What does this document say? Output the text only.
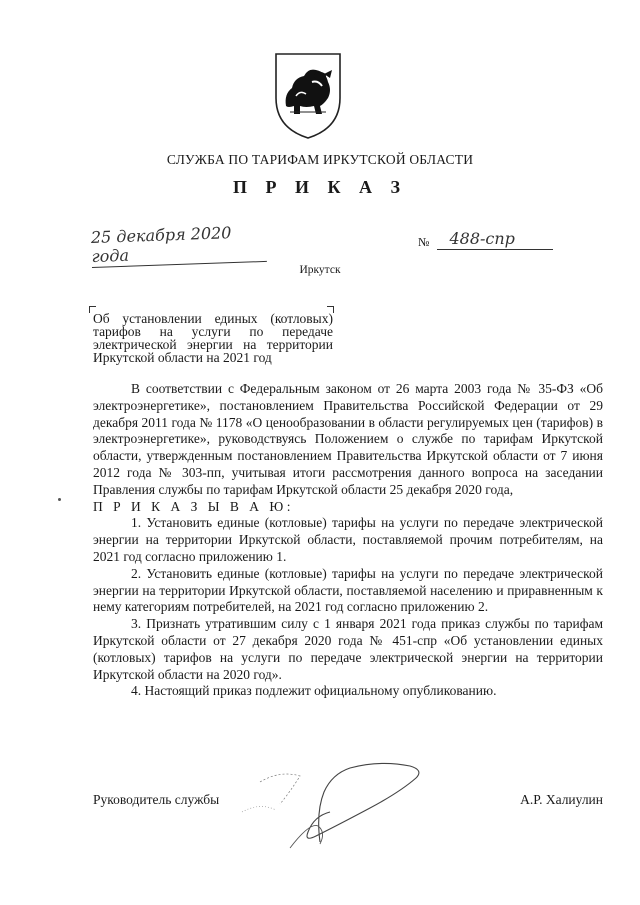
СЛУЖБА ПО ТАРИФАМ ИРКУТСКОЙ ОБЛАСТИ
П Р И К А З
25 декабря 2020 года
№ 488-спр
Иркутск
Об установлении единых (котловых) тарифов на услуги по передаче электрической энергии на территории Иркутской области на 2021 год

В соответствии с Федеральным законом от 26 марта 2003 года № 35-ФЗ «Об электроэнергетике», постановлением Правительства Российской Федерации от 29 декабря 2011 года № 1178 «О ценообразовании в области регулируемых цен (тарифов) в электроэнергетике», руководствуясь Положением о службе по тарифам Иркутской области, утвержденным постановлением Правительства Иркутской области от 7 июня 2012 года № 303-пп, учитывая итоги рассмотрения данного вопроса на заседании Правления службы по тарифам Иркутской области 25 декабря 2020 года,

П Р И К А З Ы В А Ю:

1. Установить единые (котловые) тарифы на услуги по передаче электрической энергии на территории Иркутской области, поставляемой прочим потребителям, на 2021 год согласно приложению 1.

2. Установить единые (котловые) тарифы на услуги по передаче электрической энергии на территории Иркутской области, поставляемой населению и приравненным к нему категориям потребителей, на 2021 год согласно приложению 2.

3. Признать утратившим силу с 1 января 2021 года приказ службы по тарифам Иркутской области от 27 декабря 2020 года № 451-спр «Об установлении единых (котловых) тарифов на услуги по передаче электрической энергии на территории Иркутской области на 2020 год».

4. Настоящий приказ подлежит официальному опубликованию.

Руководитель службы	А.Р. Халиулин
